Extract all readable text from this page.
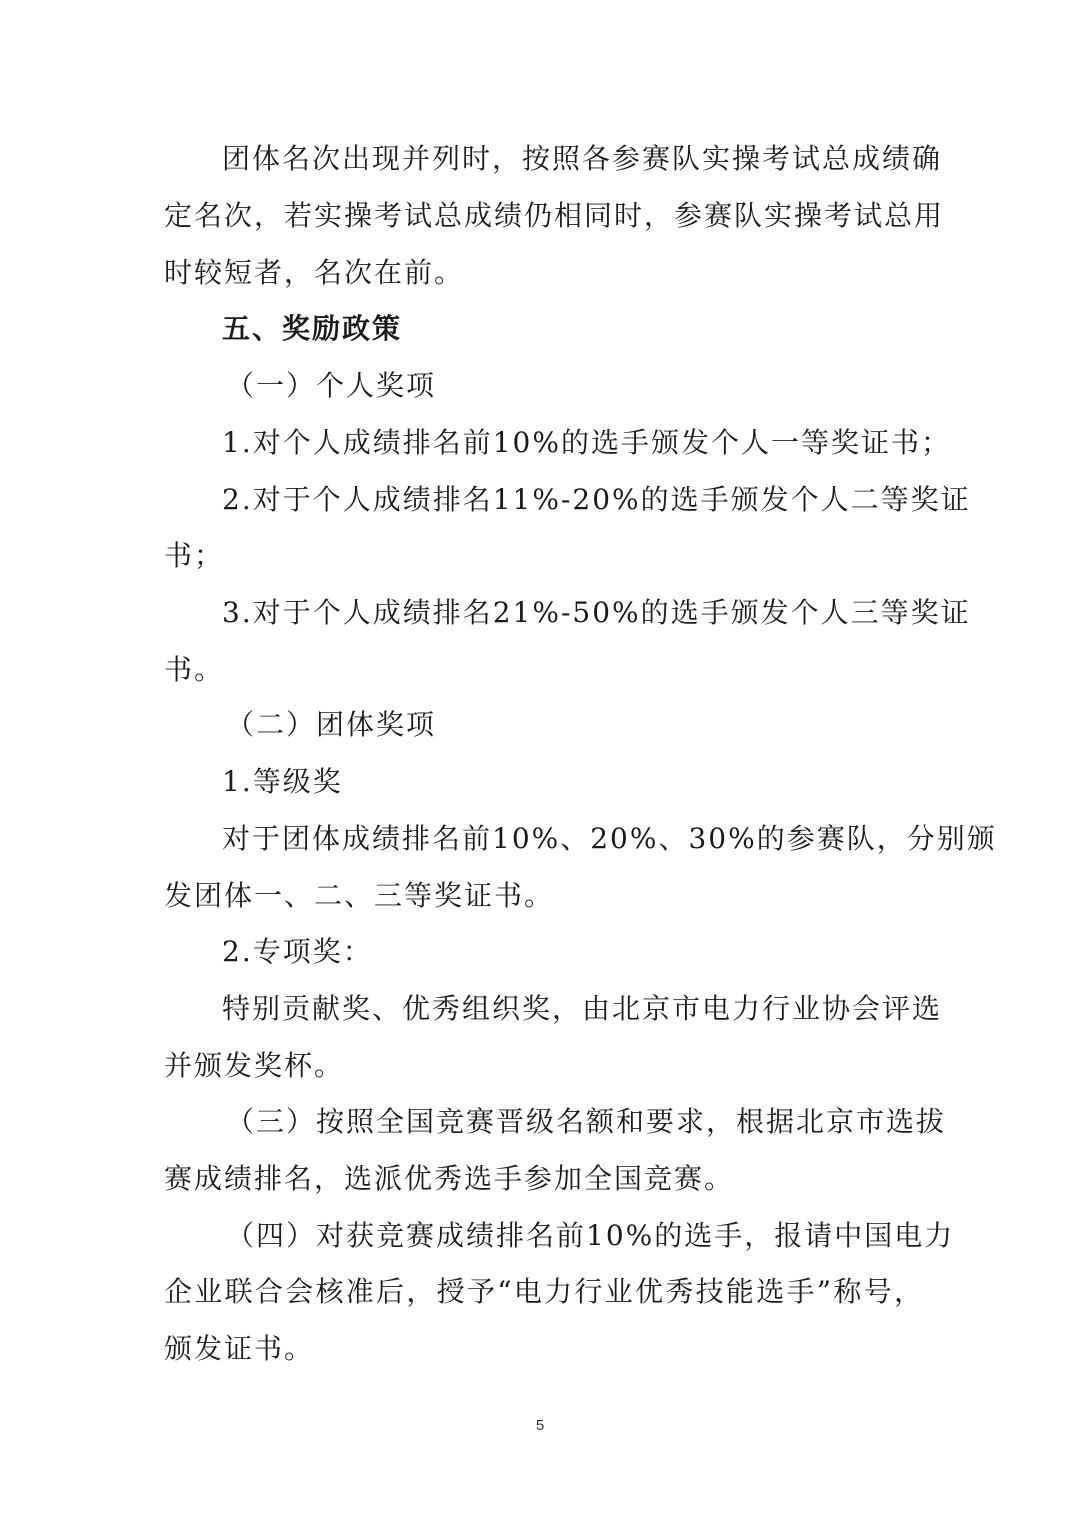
团体名次出现并列时，按照各参赛队实操考试总成绩确
定名次，若实操考试总成绩仍相同时，参赛队实操考试总用
时较短者，名次在前。
五、奖励政策
（一）个人奖项
1.对个人成绩排名前10%的选手颁发个人一等奖证书；
2.对于个人成绩排名11%-20%的选手颁发个人二等奖证
书；
3.对于个人成绩排名21%-50%的选手颁发个人三等奖证
书。
（二）团体奖项
1.等级奖
对于团体成绩排名前10%、20%、30%的参赛队，分别颁
发团体一、二、三等奖证书。
2.专项奖：
特别贡献奖、优秀组织奖，由北京市电力行业协会评选
并颁发奖杯。
（三）按照全国竞赛晋级名额和要求，根据北京市选拔
赛成绩排名，选派优秀选手参加全国竞赛。
（四）对获竞赛成绩排名前10%的选手，报请中国电力
企业联合会核准后，授予“电力行业优秀技能选手”称号，
颁发证书。
5
